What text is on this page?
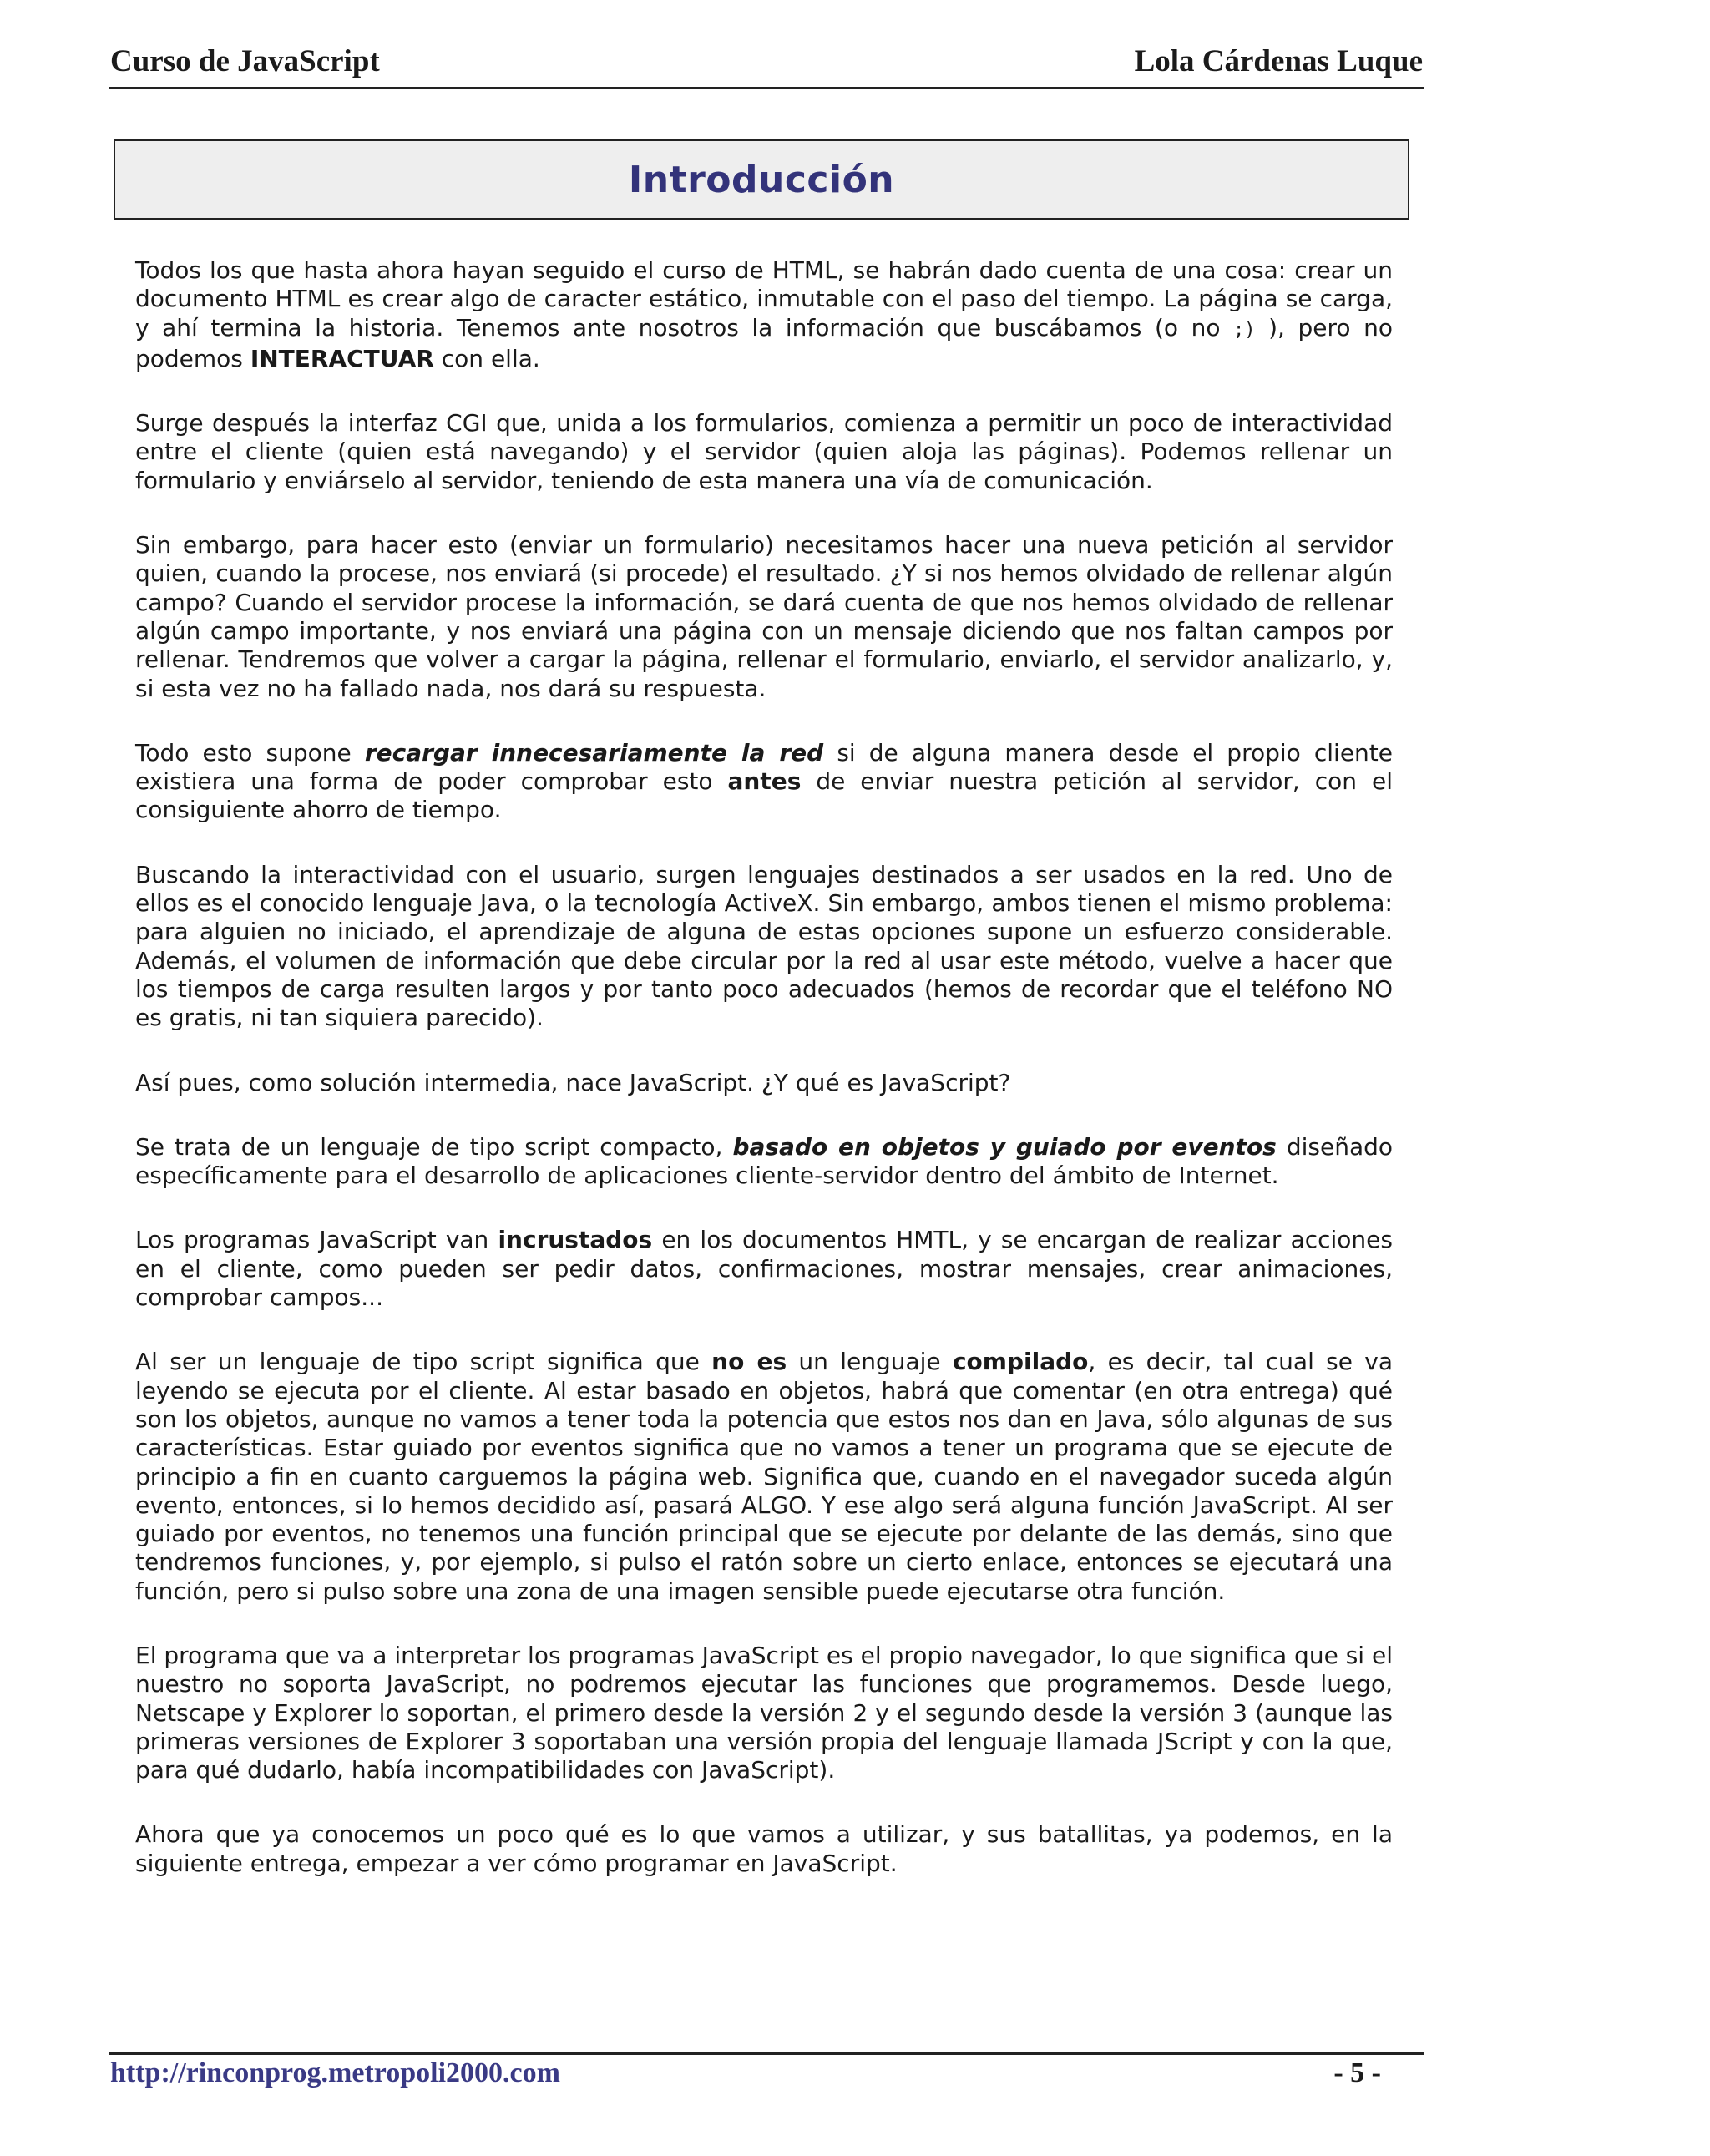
Curso de JavaScript	Lola Cárdenas Luque
Introducción

Todos los que hasta ahora hayan seguido el curso de HTML, se habrán dado cuenta de una cosa: crear un documento HTML es crear algo de caracter estático, inmutable con el paso del tiempo. La página se carga, y ahí termina la historia. Tenemos ante nosotros la información que buscábamos (o no ;) ), pero no podemos INTERACTUAR con ella.

Surge después la interfaz CGI que, unida a los formularios, comienza a permitir un poco de interactividad entre el cliente (quien está navegando) y el servidor (quien aloja las páginas). Podemos rellenar un formulario y enviárselo al servidor, teniendo de esta manera una vía de comunicación.

Sin embargo, para hacer esto (enviar un formulario) necesitamos hacer una nueva petición al servidor quien, cuando la procese, nos enviará (si procede) el resultado. ¿Y si nos hemos olvidado de rellenar algún campo? Cuando el servidor procese la información, se dará cuenta de que nos hemos olvidado de rellenar algún campo importante, y nos enviará una página con un mensaje diciendo que nos faltan campos por rellenar. Tendremos que volver a cargar la página, rellenar el formulario, enviarlo, el servidor analizarlo, y, si esta vez no ha fallado nada, nos dará su respuesta.

Todo esto supone recargar innecesariamente la red si de alguna manera desde el propio cliente existiera una forma de poder comprobar esto antes de enviar nuestra petición al servidor, con el consiguiente ahorro de tiempo.

Buscando la interactividad con el usuario, surgen lenguajes destinados a ser usados en la red. Uno de ellos es el conocido lenguaje Java, o la tecnología ActiveX. Sin embargo, ambos tienen el mismo problema: para alguien no iniciado, el aprendizaje de alguna de estas opciones supone un esfuerzo considerable. Además, el volumen de información que debe circular por la red al usar este método, vuelve a hacer que los tiempos de carga resulten largos y por tanto poco adecuados (hemos de recordar que el teléfono NO es gratis, ni tan siquiera parecido).

Así pues, como solución intermedia, nace JavaScript. ¿Y qué es JavaScript?

Se trata de un lenguaje de tipo script compacto, basado en objetos y guiado por eventos diseñado específicamente para el desarrollo de aplicaciones cliente-servidor dentro del ámbito de Internet.

Los programas JavaScript van incrustados en los documentos HMTL, y se encargan de realizar acciones en el cliente, como pueden ser pedir datos, confirmaciones, mostrar mensajes, crear animaciones, comprobar campos...

Al ser un lenguaje de tipo script significa que no es un lenguaje compilado, es decir, tal cual se va leyendo se ejecuta por el cliente. Al estar basado en objetos, habrá que comentar (en otra entrega) qué son los objetos, aunque no vamos a tener toda la potencia que estos nos dan en Java, sólo algunas de sus características. Estar guiado por eventos significa que no vamos a tener un programa que se ejecute de principio a fin en cuanto carguemos la página web. Significa que, cuando en el navegador suceda algún evento, entonces, si lo hemos decidido así, pasará ALGO. Y ese algo será alguna función JavaScript. Al ser guiado por eventos, no tenemos una función principal que se ejecute por delante de las demás, sino que tendremos funciones, y, por ejemplo, si pulso el ratón sobre un cierto enlace, entonces se ejecutará una función, pero si pulso sobre una zona de una imagen sensible puede ejecutarse otra función.

El programa que va a interpretar los programas JavaScript es el propio navegador, lo que significa que si el nuestro no soporta JavaScript, no podremos ejecutar las funciones que programemos. Desde luego, Netscape y Explorer lo soportan, el primero desde la versión 2 y el segundo desde la versión 3 (aunque las primeras versiones de Explorer 3 soportaban una versión propia del lenguaje llamada JScript y con la que, para qué dudarlo, había incompatibilidades con JavaScript).

Ahora que ya conocemos un poco qué es lo que vamos a utilizar, y sus batallitas, ya podemos, en la siguiente entrega, empezar a ver cómo programar en JavaScript.

http://rinconprog.metropoli2000.com	- 5 -
